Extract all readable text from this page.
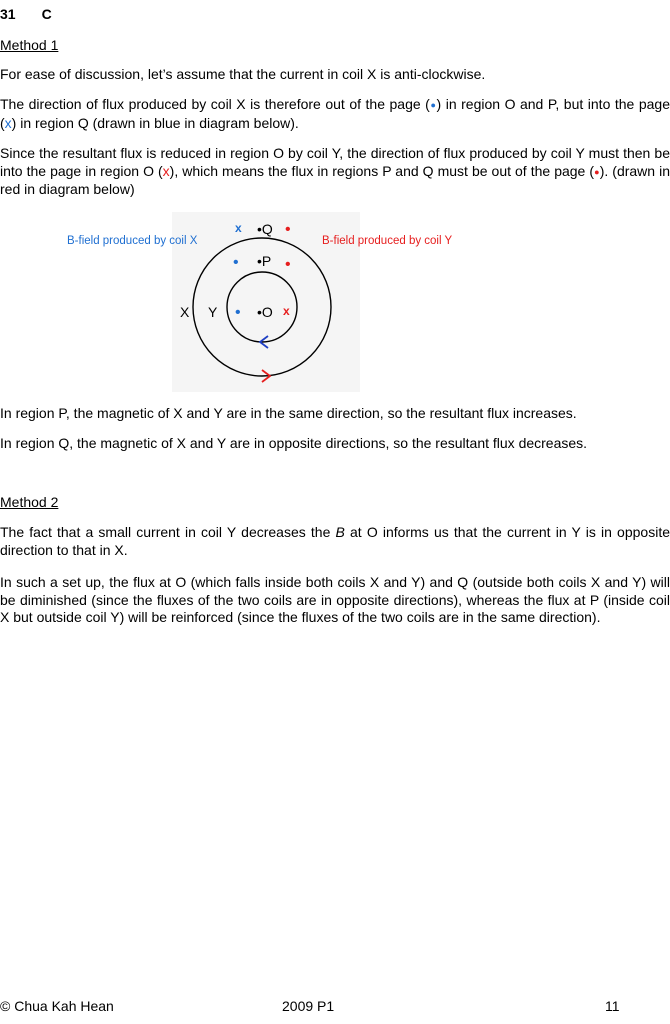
31 C

Method 1

For ease of discussion, let’s assume that the current in coil X is anti-clockwise.

The direction of flux produced by coil X is therefore out of the page (●) in region O and P, but into the page (x) in region Q (drawn in blue in diagram below).

Since the resultant flux is reduced in region O by coil Y, the direction of flux produced by coil Y must then be into the page in region O (x), which means the flux in regions P and Q must be out of the page (●). (drawn in red in diagram below)

B-field produced by coil X	B-field produced by coil Y
X Y
•Q
•P
•O
x	•
•	•
•	x

In region P, the magnetic of X and Y are in the same direction, so the resultant flux increases.

In region Q, the magnetic of X and Y are in opposite directions, so the resultant flux decreases.

Method 2

The fact that a small current in coil Y decreases the B at O informs us that the current in Y is in opposite direction to that in X.

In such a set up, the flux at O (which falls inside both coils X and Y) and Q (outside both coils X and Y) will be diminished (since the fluxes of the two coils are in opposite directions), whereas the flux at P (inside coil X but outside coil Y) will be reinforced (since the fluxes of the two coils are in the same direction).

© Chua Kah Hean	2009 P1	11
